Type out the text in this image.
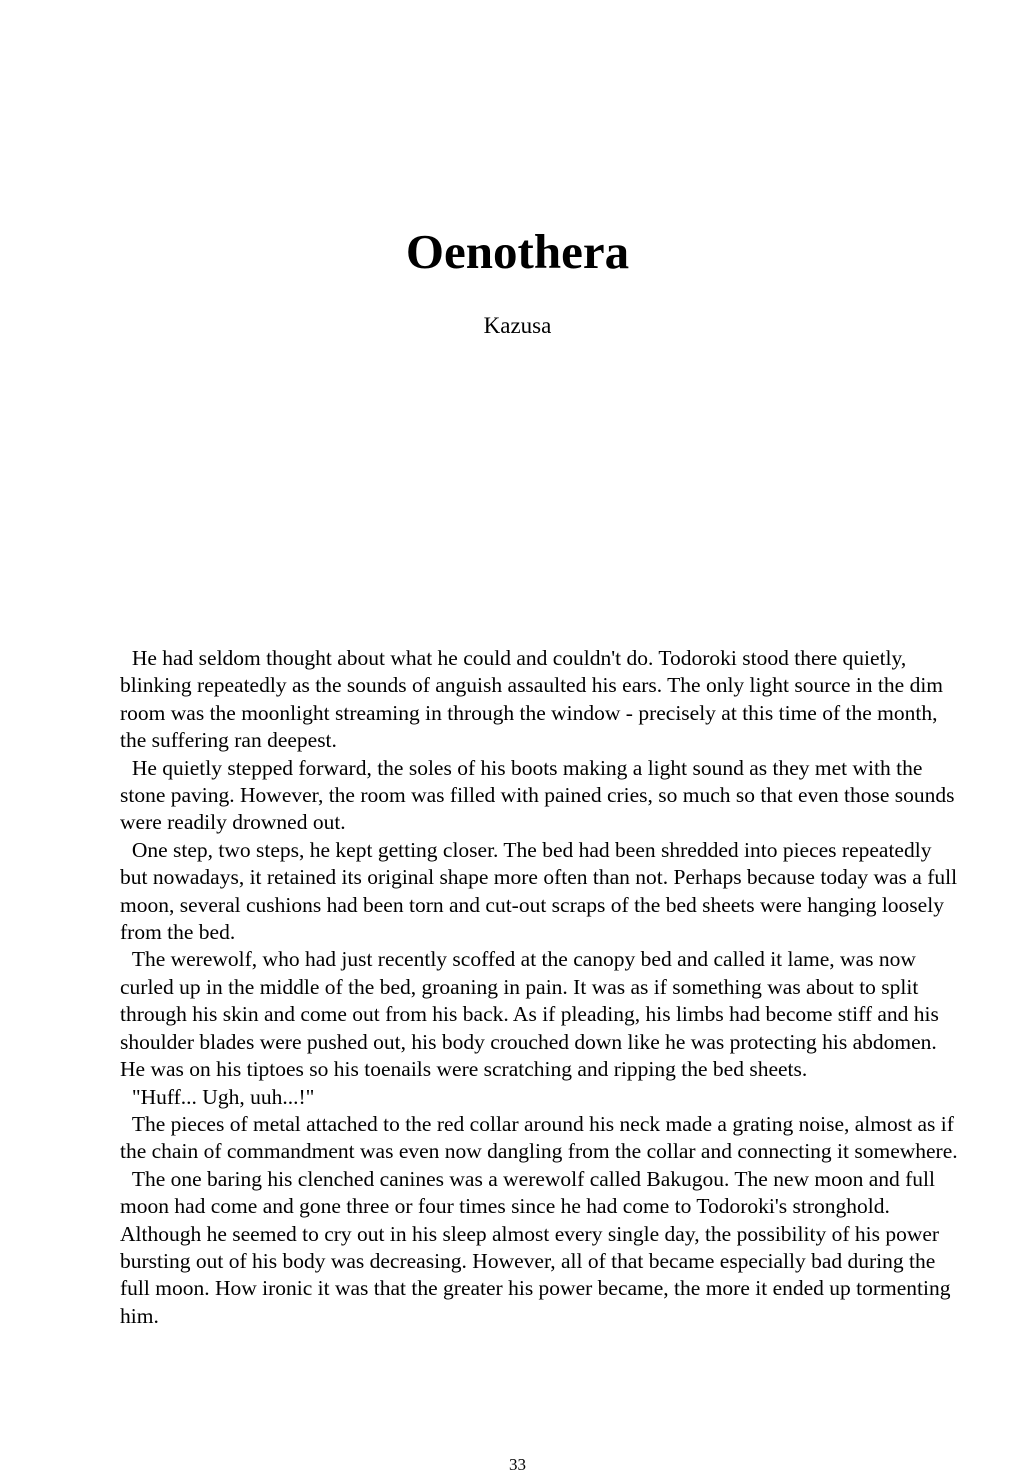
Oenothera
Kazusa

He had seldom thought about what he could and couldn't do. Todoroki stood there quietly, blinking repeatedly as the sounds of anguish assaulted his ears. The only light source in the dim room was the moonlight streaming in through the window - precisely at this time of the month, the suffering ran deepest.

He quietly stepped forward, the soles of his boots making a light sound as they met with the stone paving. However, the room was filled with pained cries, so much so that even those sounds were readily drowned out.

One step, two steps, he kept getting closer. The bed had been shredded into pieces repeatedly but nowadays, it retained its original shape more often than not. Perhaps because today was a full moon, several cushions had been torn and cut-out scraps of the bed sheets were hanging loosely from the bed.

The werewolf, who had just recently scoffed at the canopy bed and called it lame, was now curled up in the middle of the bed, groaning in pain. It was as if something was about to split through his skin and come out from his back. As if pleading, his limbs had become stiff and his shoulder blades were pushed out, his body crouched down like he was protecting his abdomen. He was on his tiptoes so his toenails were scratching and ripping the bed sheets.

"Huff... Ugh, uuh...!"

The pieces of metal attached to the red collar around his neck made a grating noise, almost as if the chain of commandment was even now dangling from the collar and connecting it somewhere.

The one baring his clenched canines was a werewolf called Bakugou. The new moon and full moon had come and gone three or four times since he had come to Todoroki's stronghold. Although he seemed to cry out in his sleep almost every single day, the possibility of his power bursting out of his body was decreasing. However, all of that became especially bad during the full moon. How ironic it was that the greater his power became, the more it ended up tormenting him.

33
